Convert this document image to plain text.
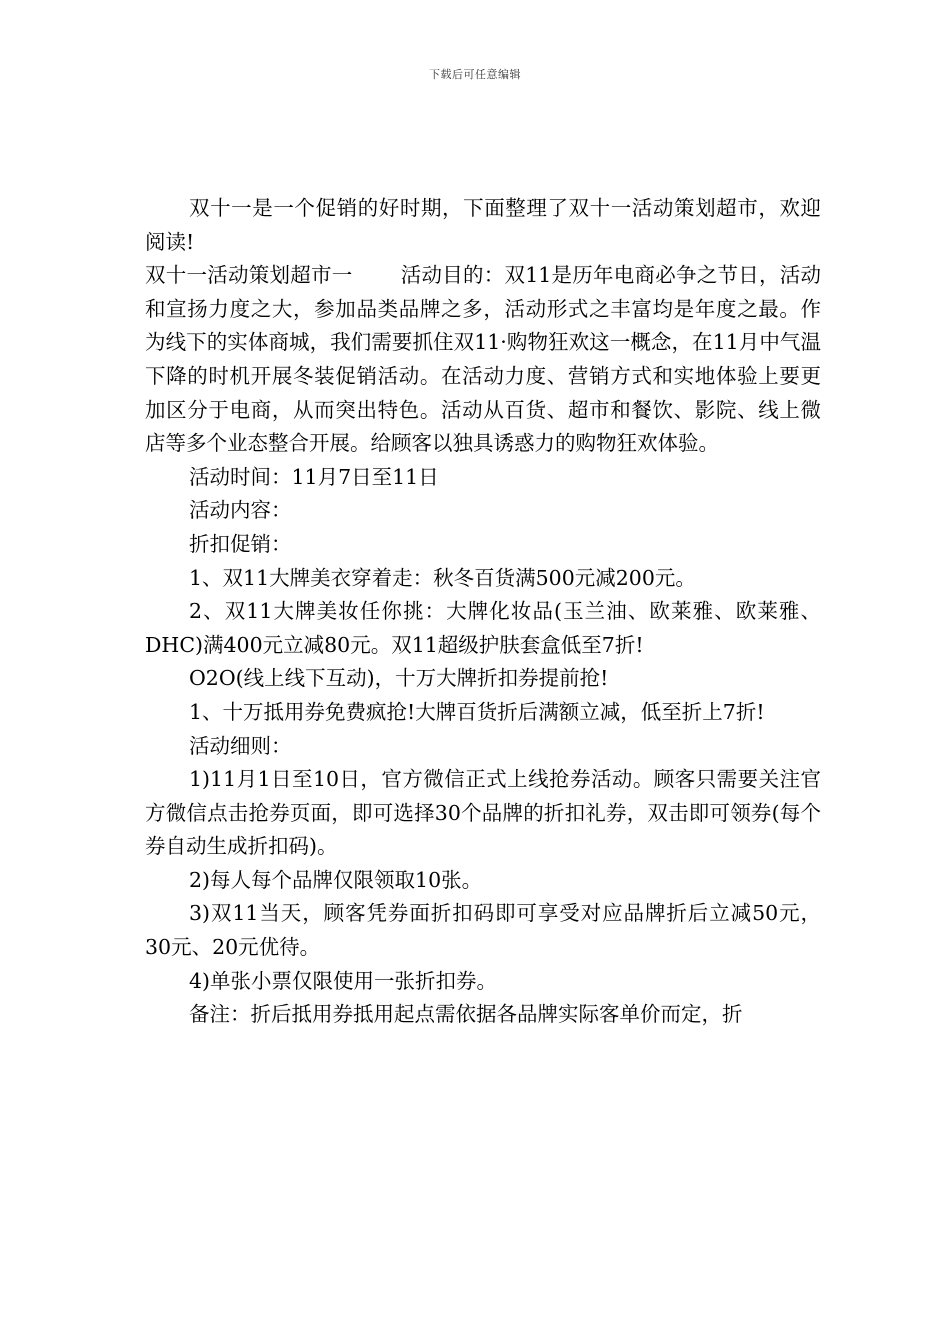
下载后可任意编辑

双十一是一个促销的好时期，下面整理了双十一活动策划超市，欢迎阅读!

双十一活动策划超市一 活动目的：双11是历年电商必争之节日，活动和宣扬力度之大，参加品类品牌之多，活动形式之丰富均是年度之最。作为线下的实体商城，我们需要抓住双11·购物狂欢这一概念，在11月中气温下降的时机开展冬装促销活动。在活动力度、营销方式和实地体验上要更加区分于电商，从而突出特色。活动从百货、超市和餐饮、影院、线上微店等多个业态整合开展。给顾客以独具诱惑力的购物狂欢体验。

活动时间：11月7日至11日

活动内容：

折扣促销：

1、双11大牌美衣穿着走：秋冬百货满500元减200元。

2、双11大牌美妆任你挑：大牌化妆品(玉兰油、欧莱雅、欧莱雅、DHC)满400元立减80元。双11超级护肤套盒低至7折!

O2O(线上线下互动)，十万大牌折扣券提前抢!

1、十万抵用券免费疯抢!大牌百货折后满额立减，低至折上7折!

活动细则：

1)11月1日至10日，官方微信正式上线抢券活动。顾客只需要关注官方微信点击抢券页面，即可选择30个品牌的折扣礼券，双击即可领券(每个券自动生成折扣码)。

2)每人每个品牌仅限领取10张。

3)双11当天，顾客凭券面折扣码即可享受对应品牌折后立减50元，30元、20元优待。

4)单张小票仅限使用一张折扣券。

备注：折后抵用券抵用起点需依据各品牌实际客单价而定，折
